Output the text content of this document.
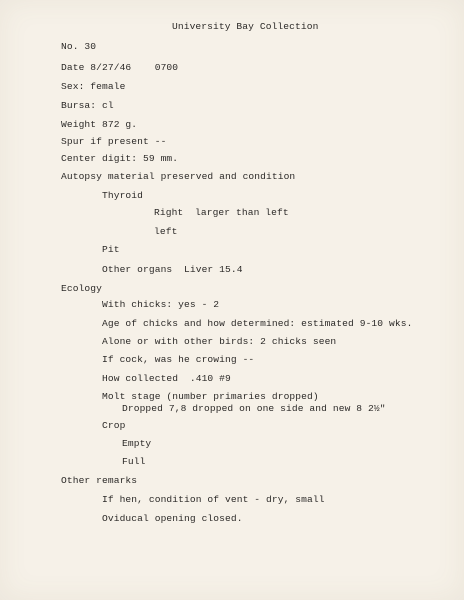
University Bay Collection
No. 30
Date 8/27/46    0700
Sex: female
Bursa: cl
Weight 872 g.
Spur if present --
Center digit: 59 mm.
Autopsy material preserved and condition
Thyroid
Right  larger than left
left
Pit
Other organs  Liver 15.4
Ecology
With chicks: yes - 2
Age of chicks and how determined: estimated 9-10 wks.
Alone or with other birds: 2 chicks seen
If cock, was he crowing --
How collected  .410 #9
Molt stage (number primaries dropped)
Dropped 7,8 dropped on one side and new 8 2½"
Crop
Empty
Full
Other remarks
If hen, condition of vent - dry, small
Oviducal opening closed.
